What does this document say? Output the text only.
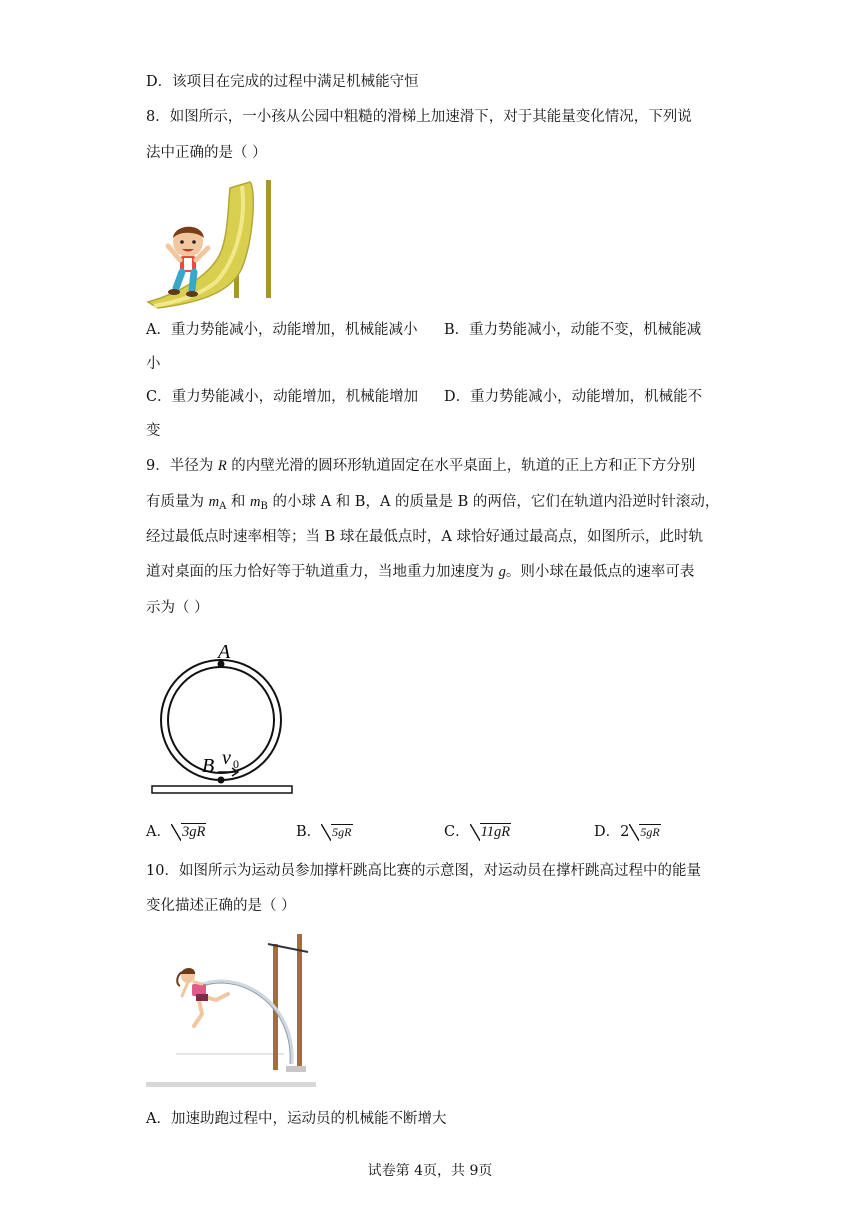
D．该项目在完成的过程中满足机械能守恒
8．如图所示，一小孩从公园中粗糙的滑梯上加速滑下，对于其能量变化情况，下列说
法中正确的是（ ）
A．重力势能减小，动能增加，机械能减小 B．重力势能减小，动能不变，机械能减
小
C．重力势能减小，动能增加，机械能增加 D．重力势能减小，动能增加，机械能不
变
9．半径为 R 的内壁光滑的圆环形轨道固定在水平桌面上，轨道的正上方和正下方分别
有质量为 $m_A$ 和 $m_B$ 的小球 A 和 B，A 的质量是 B 的两倍，它们在轨道内沿逆时针滚动，
经过最低点时速率相等；当 B 球在最低点时，A 球恰好通过最高点，如图所示，此时轨
道对桌面的压力恰好等于轨道重力，当地重力加速度为 g。则小球在最低点的速率可表
示为（ ）
A
B v 0
A． 3gR	B． 5gR	C． 11gR	D．2 5gR
10．如图所示为运动员参加撑杆跳高比赛的示意图，对运动员在撑杆跳高过程中的能量
变化描述正确的是（ ）
A．加速助跑过程中，运动员的机械能不断增大
试卷第 4页，共 9页
